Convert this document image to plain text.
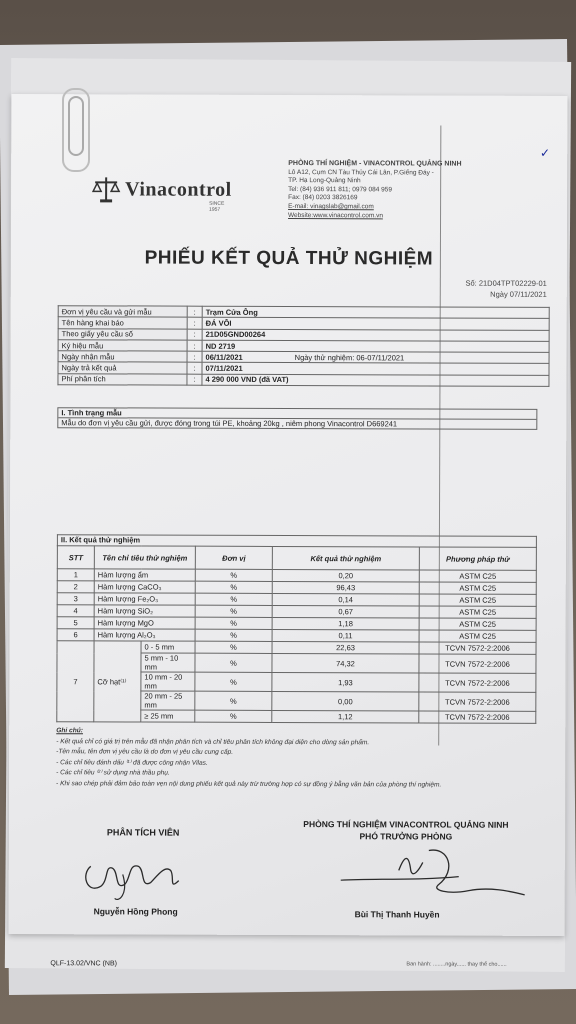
Vinacontrol
SINCE 1957
PHÒNG THÍ NGHIỆM - VINACONTROL QUẢNG NINH
Lô A12, Cụm CN Tàu Thủy Cái Lân, P.Giếng Đáy -
TP. Hạ Long-Quảng Ninh
Tel: (84) 936 911 811; 0979 084 959
Fax: (84) 0203 3826169
E-mail: vinagslab@gmail.com
Website:www.vinacontrol.com.vn
PHIẾU KẾT QUẢ THỬ NGHIỆM
Số: 21D04TPT02229-01
Ngày 07/11/2021
Đơn vị yêu cầu và gửi mẫu	:	Trạm Cửa Ông
Tên hàng khai báo	:	ĐÁ VÔI
Theo giấy yêu cầu số	:	21D05GND00264
Ký hiệu mẫu	:	ND 2719
Ngày nhận mẫu	:	06/11/2021 Ngày thử nghiệm: 06-07/11/2021
Ngày trả kết quả	:	07/11/2021
Phí phân tích	:	4 290 000 VND (đã VAT)
I. Tình trạng mẫu
Mẫu do đơn vị yêu cầu gửi, được đóng trong túi PE, khoảng 20kg , niêm phong Vinacontrol D669241
II. Kết quả thử nghiệm
STT	Tên chỉ tiêu thử nghiệm		Đơn vị	Kết quả thử nghiệm	Phương pháp thử
1	Hàm lượng ẩm		%	0,20	ASTM C25
2	Hàm lượng CaCO₃		%	96,43	ASTM C25
3	Hàm lượng Fe₂O₃		%	0,14	ASTM C25
4	Hàm lượng SiO₂		%	0,67	ASTM C25
5	Hàm lượng MgO		%	1,18	ASTM C25
6	Hàm lượng Al₂O₃		%	0,11	ASTM C25
7	Cỡ hạt⁽¹⁾	0 - 5 mm	%	22,63	TCVN 7572-2:2006
		5 mm - 10 mm	%	74,32	TCVN 7572-2:2006
		10 mm - 20 mm	%	1,93	TCVN 7572-2:2006
		20 mm - 25 mm	%	0,00	TCVN 7572-2:2006
		≥ 25 mm	%	1,12	TCVN 7572-2:2006
Ghi chú:
- Kết quả chỉ có giá trị trên mẫu đã nhận phân tích và chỉ tiêu phân tích không đại diện cho dòng sản phẩm.
-Tên mẫu, tên đơn vị yêu cầu là do đơn vị yêu cầu cung cấp.
- Các chỉ tiêu đánh dấu ⁽¹⁾ đã được công nhận Vilas.
- Các chỉ tiêu ⁽²⁾ sử dụng nhà thầu phụ.
- Khi sao chép phải đảm bảo toàn vẹn nội dung phiếu kết quả này trừ trường hợp có sự đồng ý bằng văn bản của phòng thí nghiệm.
PHÂN TÍCH VIÊN
Nguyễn Hồng Phong
PHÒNG THÍ NGHIỆM VINACONTROL QUẢNG NINH
PHÓ TRƯỞNG PHÒNG
Bùi Thị Thanh Huyền
QLF-13.02/VNC (NB)	Ban hành: ........ngày...... thay thế cho......
✓
